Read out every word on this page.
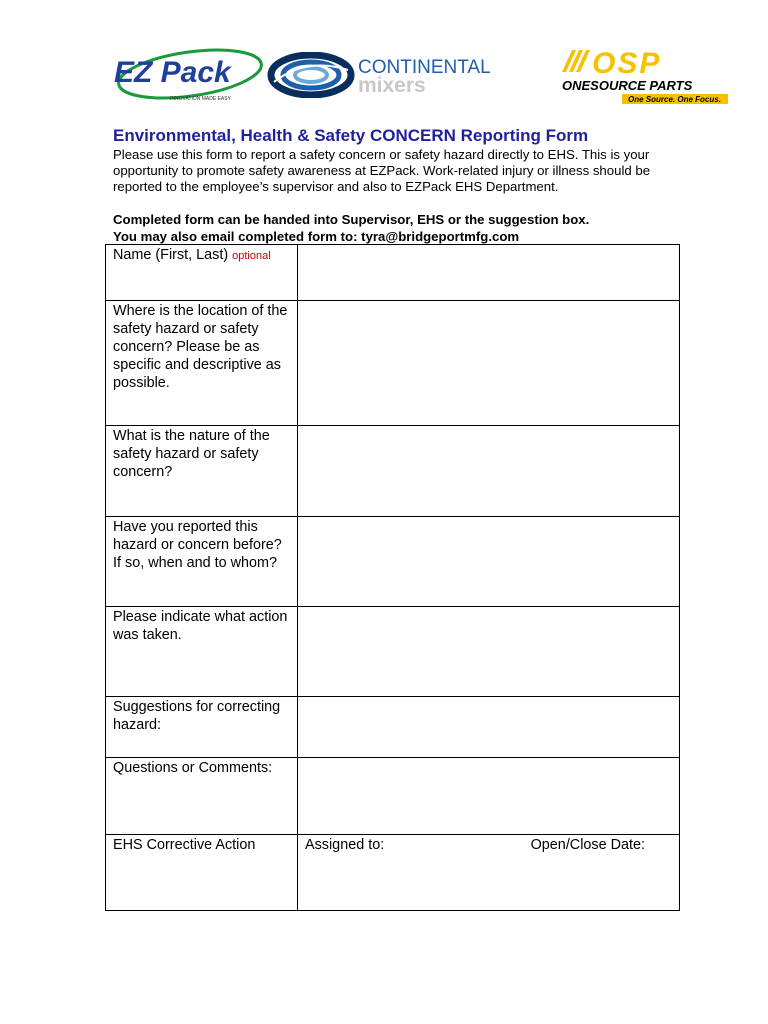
EZ Pack
INNOVATION MADE EASY
CONTINENTAL
mixers
OSP
ONESOURCE PARTS
One Source. One Focus.
Environmental, Health & Safety CONCERN Reporting Form
Please use this form to report a safety concern or safety hazard directly to EHS. This is your opportunity to promote safety awareness at EZPack. Work-related injury or illness should be reported to the employee’s supervisor and also to EZPack EHS Department.
Completed form can be handed into Supervisor, EHS or the suggestion box.
You may also email completed form to: tyra@bridgeportmfg.com
Name (First, Last) optional	
Where is the location of the safety hazard or safety concern? Please be as specific and descriptive as possible.	
What is the nature of the safety hazard or safety concern?	
Have you reported this hazard or concern before? If so, when and to whom?	
Please indicate what action was taken.	
Suggestions for correcting hazard:	
Questions or Comments:	
EHS Corrective Action	Assigned to: Open/Close Date:
